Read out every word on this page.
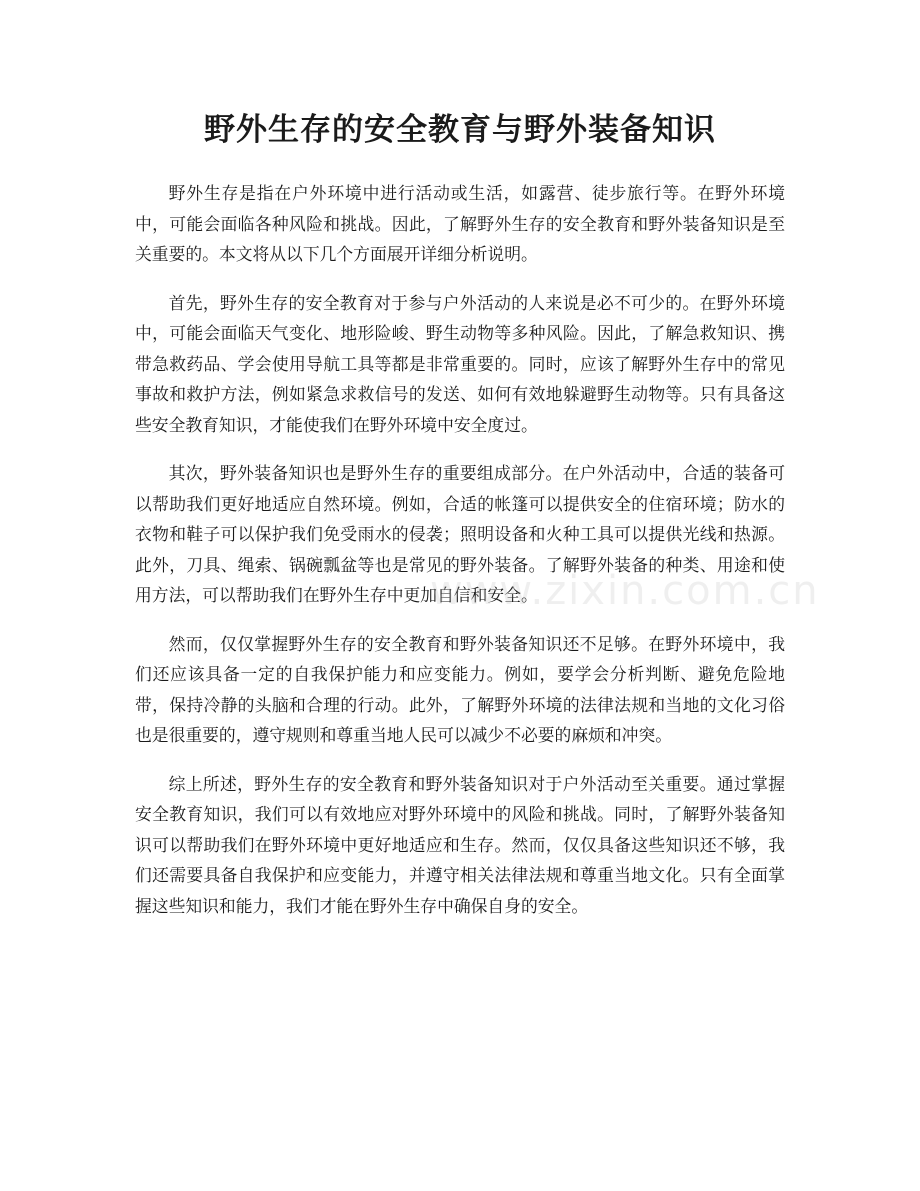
野外生存的安全教育与野外装备知识

野外生存是指在户外环境中进行活动或生活，如露营、徒步旅行等。在野外环境中，可能会面临各种风险和挑战。因此，了解野外生存的安全教育和野外装备知识是至关重要的。本文将从以下几个方面展开详细分析说明。

首先，野外生存的安全教育对于参与户外活动的人来说是必不可少的。在野外环境中，可能会面临天气变化、地形险峻、野生动物等多种风险。因此，了解急救知识、携带急救药品、学会使用导航工具等都是非常重要的。同时，应该了解野外生存中的常见事故和救护方法，例如紧急求救信号的发送、如何有效地躲避野生动物等。只有具备这些安全教育知识，才能使我们在野外环境中安全度过。

其次，野外装备知识也是野外生存的重要组成部分。在户外活动中，合适的装备可以帮助我们更好地适应自然环境。例如，合适的帐篷可以提供安全的住宿环境；防水的衣物和鞋子可以保护我们免受雨水的侵袭；照明设备和火种工具可以提供光线和热源。此外，刀具、绳索、锅碗瓢盆等也是常见的野外装备。了解野外装备的种类、用途和使用方法，可以帮助我们在野外生存中更加自信和安全。

然而，仅仅掌握野外生存的安全教育和野外装备知识还不足够。在野外环境中，我们还应该具备一定的自我保护能力和应变能力。例如，要学会分析判断、避免危险地带，保持冷静的头脑和合理的行动。此外，了解野外环境的法律法规和当地的文化习俗也是很重要的，遵守规则和尊重当地人民可以减少不必要的麻烦和冲突。

综上所述，野外生存的安全教育和野外装备知识对于户外活动至关重要。通过掌握安全教育知识，我们可以有效地应对野外环境中的风险和挑战。同时，了解野外装备知识可以帮助我们在野外环境中更好地适应和生存。然而，仅仅具备这些知识还不够，我们还需要具备自我保护和应变能力，并遵守相关法律法规和尊重当地文化。只有全面掌握这些知识和能力，我们才能在野外生存中确保自身的安全。

www.zixin.com.cn
